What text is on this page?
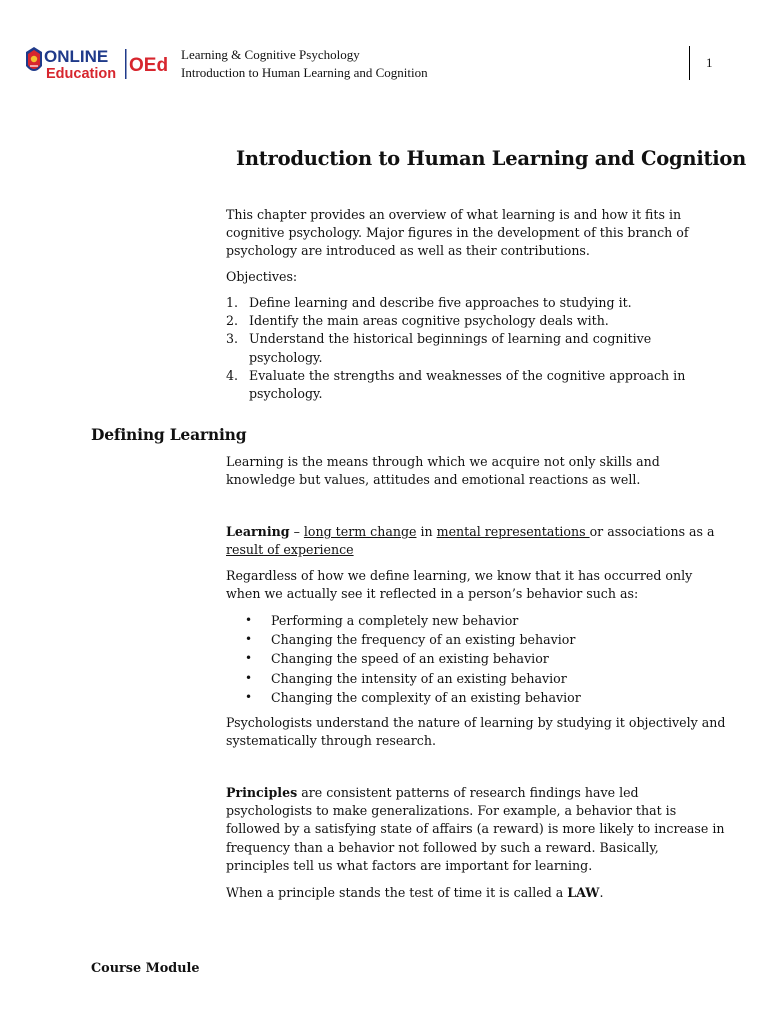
ONLINE
Education OEd
Learning & Cognitive Psychology
Introduction to Human Learning and Cognition
1
Introduction to Human Learning and Cognition

This chapter provides an overview of what learning is and how it fits in cognitive psychology. Major figures in the development of this branch of psychology are introduced as well as their contributions.

Objectives:

1. Define learning and describe five approaches to studying it.
2. Identify the main areas cognitive psychology deals with.
3. Understand the historical beginnings of learning and cognitive psychology.
4. Evaluate the strengths and weaknesses of the cognitive approach in psychology.
Defining Learning

Learning is the means through which we acquire not only skills and knowledge but values, attitudes and emotional reactions as well.

Learning – long term change in mental representations or associations as a result of experience

Regardless of how we define learning, we know that it has occurred only when we actually see it reflected in a person’s behavior such as:

• Performing a completely new behavior
• Changing the frequency of an existing behavior
• Changing the speed of an existing behavior
• Changing the intensity of an existing behavior
• Changing the complexity of an existing behavior

Psychologists understand the nature of learning by studying it objectively and systematically through research.

Principles are consistent patterns of research findings have led psychologists to make generalizations. For example, a behavior that is followed by a satisfying state of affairs (a reward) is more likely to increase in frequency than a behavior not followed by such a reward. Basically, principles tell us what factors are important for learning.

When a principle stands the test of time it is called a LAW.

Course Module
